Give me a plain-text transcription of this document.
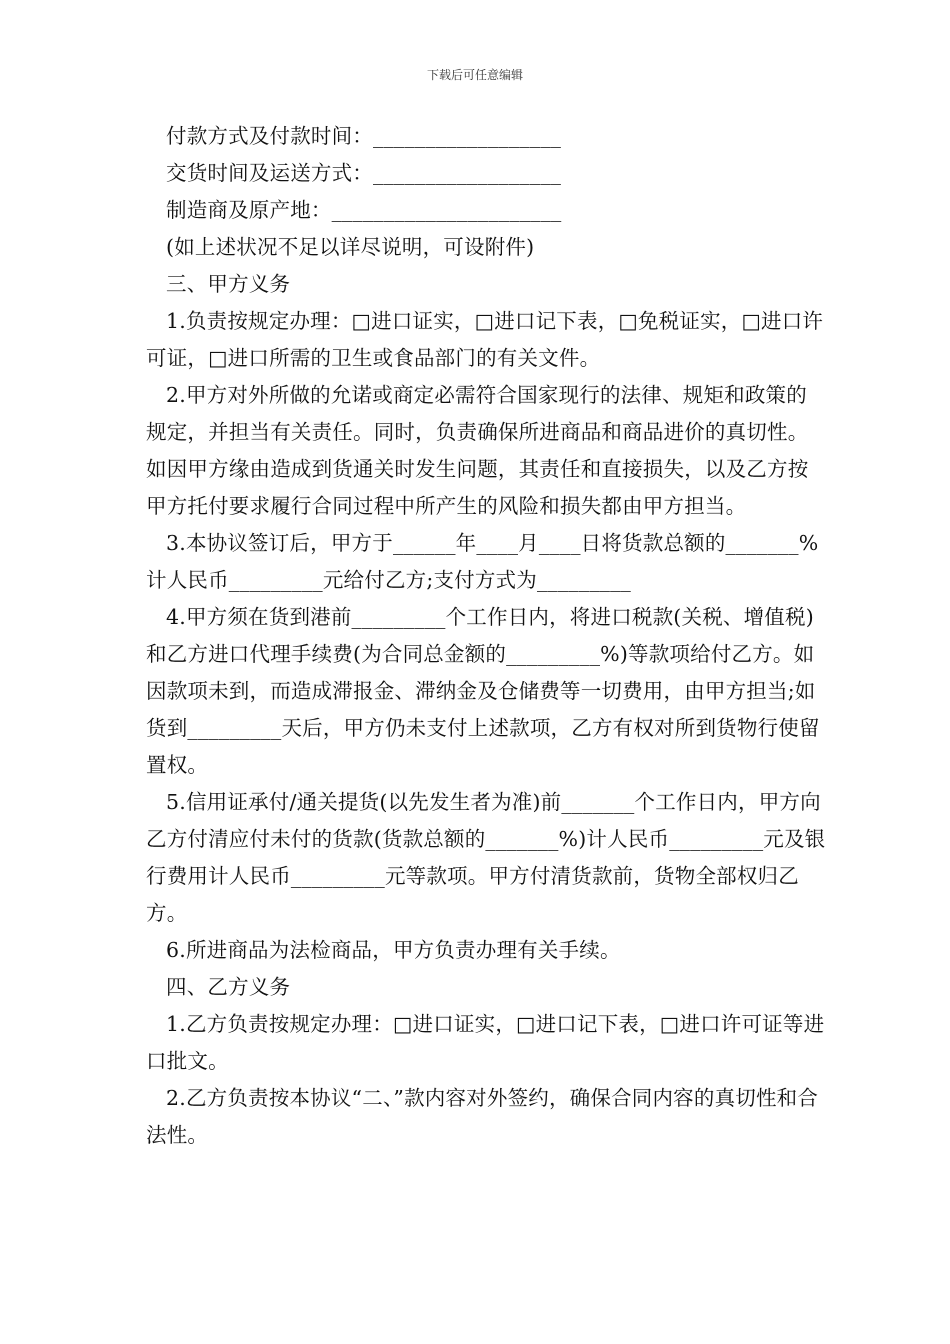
下载后可任意编辑

付款方式及付款时间：__________________

交货时间及运送方式：__________________

制造商及原产地：______________________

(如上述状况不足以详尽说明，可设附件)

三、甲方义务

1.负责按规定办理：□进口证实，□进口记下表，□免税证实，□进口许可证，□进口所需的卫生或食品部门的有关文件。

2.甲方对外所做的允诺或商定必需符合国家现行的法律、规矩和政策的规定，并担当有关责任。同时，负责确保所进商品和商品进价的真切性。如因甲方缘由造成到货通关时发生问题，其责任和直接损失，以及乙方按甲方托付要求履行合同过程中所产生的风险和损失都由甲方担当。

3.本协议签订后，甲方于______年____月____日将货款总额的_______%计人民币_________元给付乙方;支付方式为_________

4.甲方须在货到港前_________个工作日内，将进口税款(关税、增值税)和乙方进口代理手续费(为合同总金额的_________%)等款项给付乙方。如因款项未到，而造成滞报金、滞纳金及仓储费等一切费用，由甲方担当;如货到_________天后，甲方仍未支付上述款项，乙方有权对所到货物行使留置权。

5.信用证承付/通关提货(以先发生者为准)前_______个工作日内，甲方向乙方付清应付未付的货款(货款总额的_______%)计人民币_________元及银行费用计人民币_________元等款项。甲方付清货款前，货物全部权归乙方。

6.所进商品为法检商品，甲方负责办理有关手续。

四、乙方义务

1.乙方负责按规定办理：□进口证实，□进口记下表，□进口许可证等进口批文。

2.乙方负责按本协议“二、”款内容对外签约，确保合同内容的真切性和合法性。
